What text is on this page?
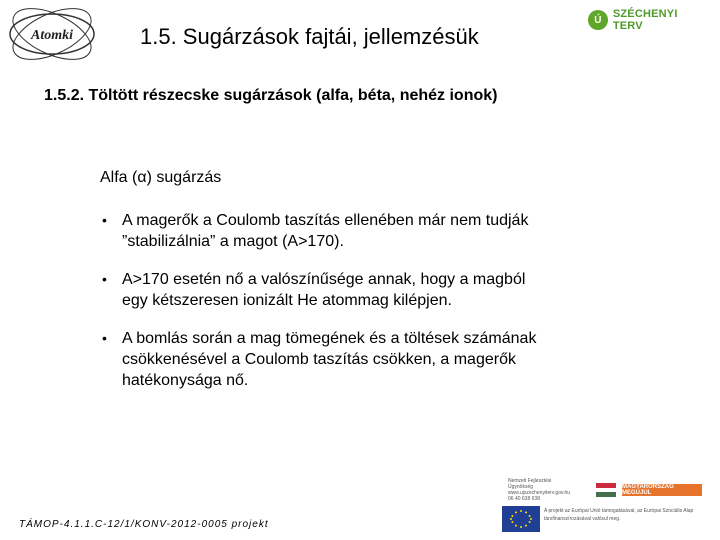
Atomki
Ú	SZÉCHENYI TERV
1.5. Sugárzások fajtái, jellemzésük
1.5.2. Töltött részecske sugárzások (alfa, béta, nehéz ionok)
Alfa (α) sugárzás
• A magerők a Coulomb taszítás ellenében már nem tudják ”stabilizálnia” a magot (A>170).
• A>170 esetén nő a valószínűsége annak, hogy a magból egy kétszeresen ionizált He atommag kilépjen.
• A bomlás során a mag tömegének és a töltések számának csökkenésével a Coulomb taszítás csökken, a magerők hatékonysága nő.
TÁMOP-4.1.1.C-12/1/KONV-2012-0005 projekt
Nemzeti Fejlesztési Ügynökség www.ujszechenyiterv.gov.hu 06 40 638 638
MAGYARORSZÁG MEGÚJUL
A projekt az Európai Unió támogatásával, az Európai Szociális Alap társfinanszírozásával valósul meg.
